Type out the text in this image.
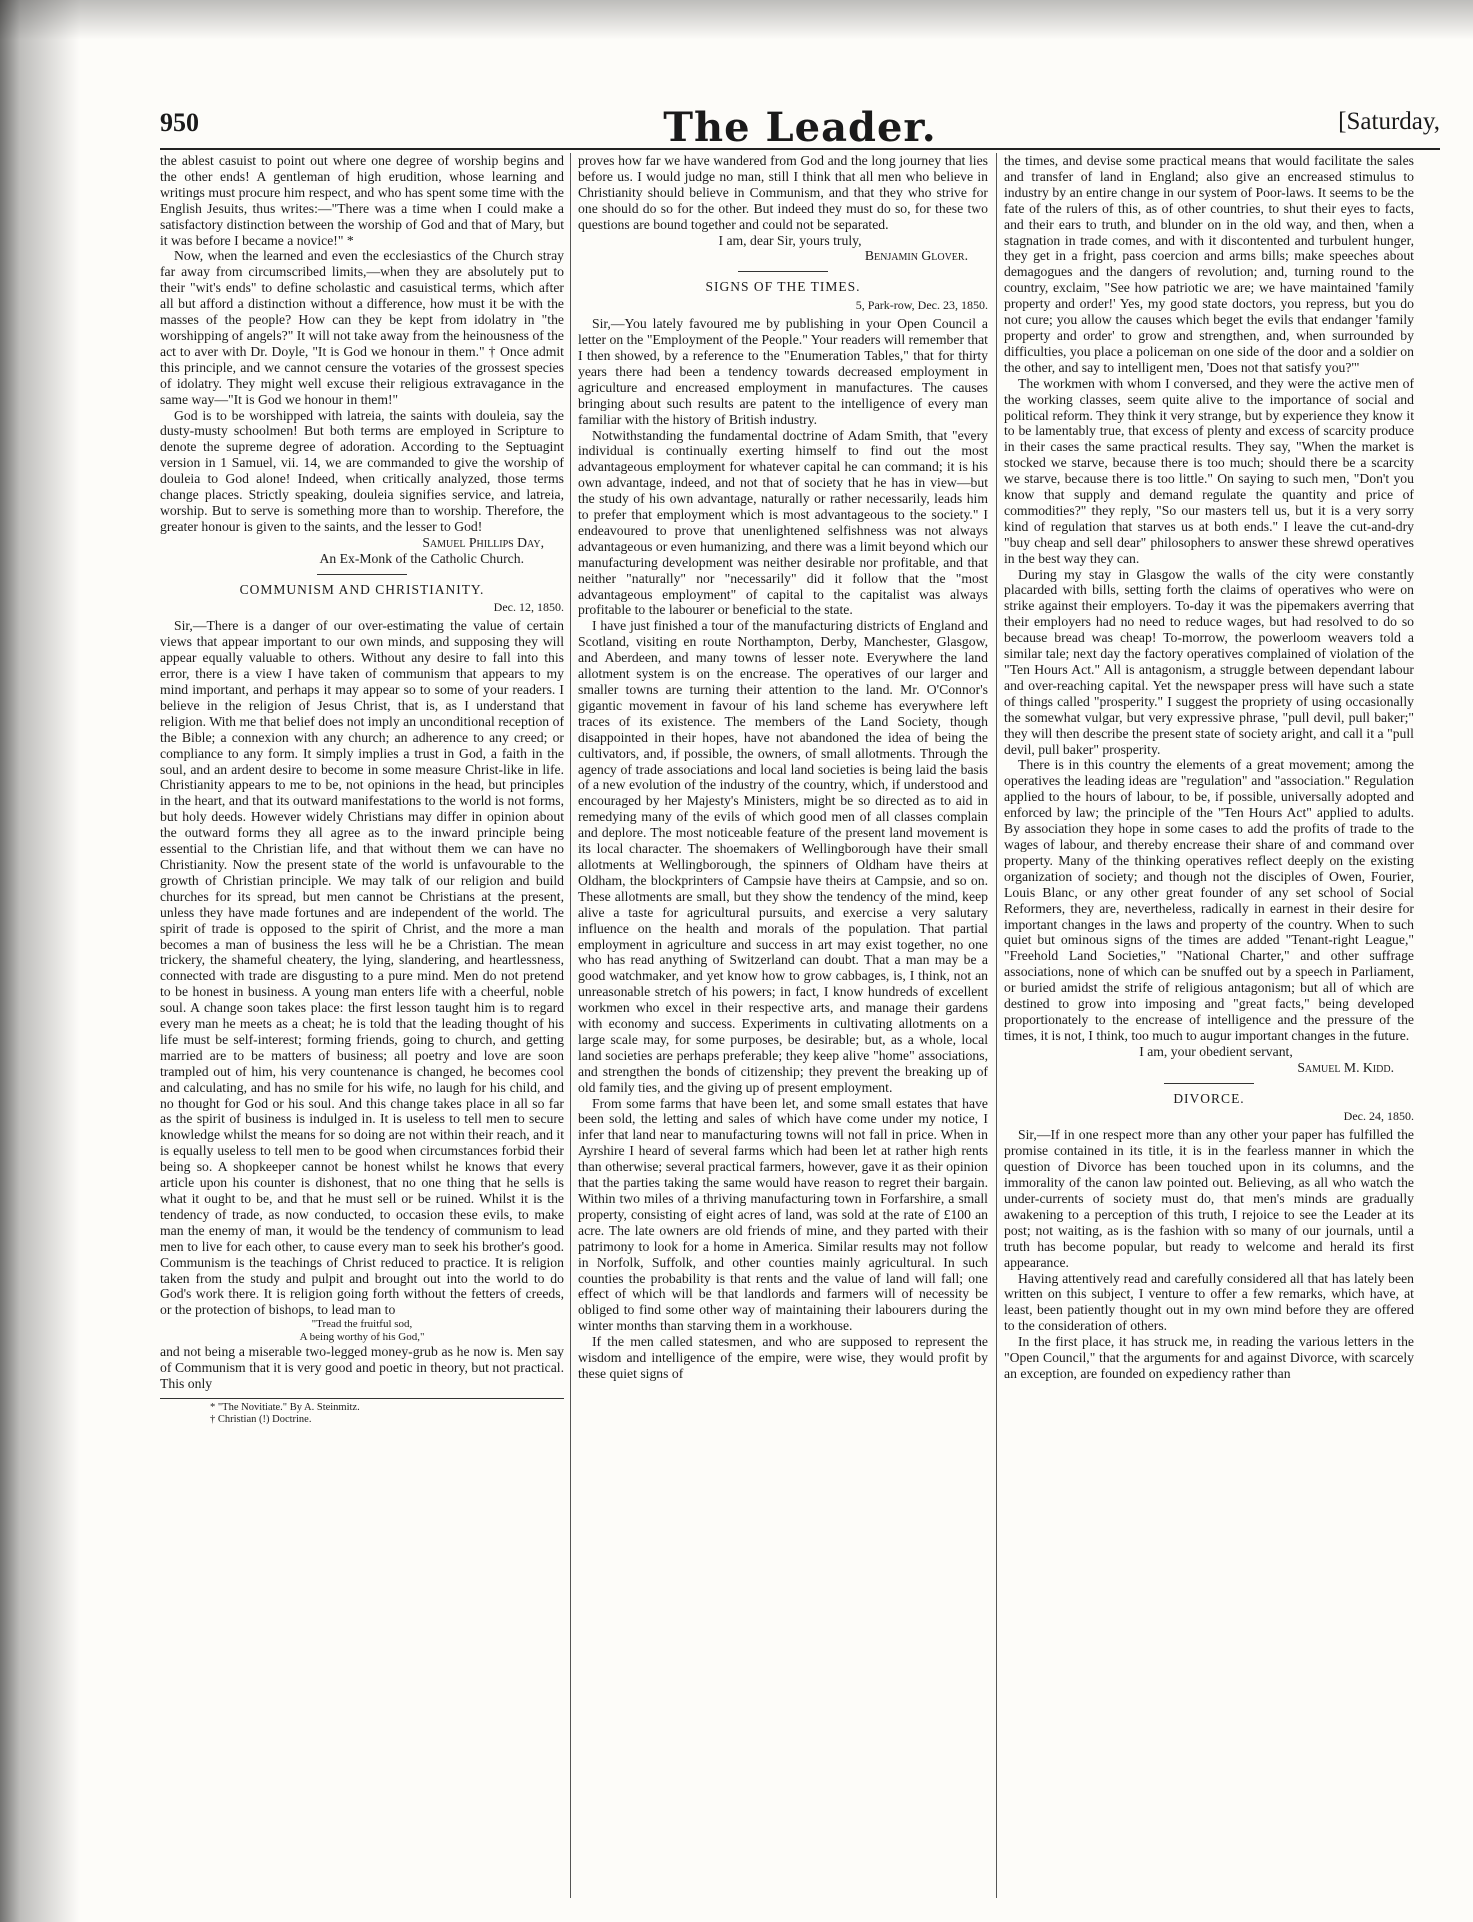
950	The Leader.	[Saturday,

the ablest casuist to point out where one degree of worship begins and the other ends! A gentleman of high erudition, whose learning and writings must procure him respect, and who has spent some time with the English Jesuits, thus writes:—"There was a time when I could make a satisfactory distinction between the worship of God and that of Mary, but it was before I became a novice!" *

Now, when the learned and even the ecclesiastics of the Church stray far away from circumscribed limits,—when they are absolutely put to their "wit's ends" to define scholastic and casuistical terms, which after all but afford a distinction without a difference, how must it be with the masses of the people? How can they be kept from idolatry in "the worshipping of angels?" It will not take away from the heinousness of the act to aver with Dr. Doyle, "It is God we honour in them." † Once admit this principle, and we cannot censure the votaries of the grossest species of idolatry. They might well excuse their religious extravagance in the same way—"It is God we honour in them!"

God is to be worshipped with latreia, the saints with douleia, say the dusty-musty schoolmen! But both terms are employed in Scripture to denote the supreme degree of adoration. According to the Septuagint version in 1 Samuel, vii. 14, we are commanded to give the worship of douleia to God alone! Indeed, when critically analyzed, those terms change places. Strictly speaking, douleia signifies service, and latreia, worship. But to serve is something more than to worship. Therefore, the greater honour is given to the saints, and the lesser to God!

Samuel Phillips Day,

An Ex-Monk of the Catholic Church.

COMMUNISM AND CHRISTIANITY.
Dec. 12, 1850.

Sir,—There is a danger of our over-estimating the value of certain views that appear important to our own minds, and supposing they will appear equally valuable to others. Without any desire to fall into this error, there is a view I have taken of communism that appears to my mind important, and perhaps it may appear so to some of your readers. I believe in the religion of Jesus Christ, that is, as I understand that religion. With me that belief does not imply an unconditional reception of the Bible; a connexion with any church; an adherence to any creed; or compliance to any form. It simply implies a trust in God, a faith in the soul, and an ardent desire to become in some measure Christ-like in life. Christianity appears to me to be, not opinions in the head, but principles in the heart, and that its outward manifestations to the world is not forms, but holy deeds. However widely Christians may differ in opinion about the outward forms they all agree as to the inward principle being essential to the Christian life, and that without them we can have no Christianity. Now the present state of the world is unfavourable to the growth of Christian principle. We may talk of our religion and build churches for its spread, but men cannot be Christians at the present, unless they have made fortunes and are independent of the world. The spirit of trade is opposed to the spirit of Christ, and the more a man becomes a man of business the less will he be a Christian. The mean trickery, the shameful cheatery, the lying, slandering, and heartlessness, connected with trade are disgusting to a pure mind. Men do not pretend to be honest in business. A young man enters life with a cheerful, noble soul. A change soon takes place: the first lesson taught him is to regard every man he meets as a cheat; he is told that the leading thought of his life must be self-interest; forming friends, going to church, and getting married are to be matters of business; all poetry and love are soon trampled out of him, his very countenance is changed, he becomes cool and calculating, and has no smile for his wife, no laugh for his child, and no thought for God or his soul. And this change takes place in all so far as the spirit of business is indulged in. It is useless to tell men to secure knowledge whilst the means for so doing are not within their reach, and it is equally useless to tell men to be good when circumstances forbid their being so. A shopkeeper cannot be honest whilst he knows that every article upon his counter is dishonest, that no one thing that he sells is what it ought to be, and that he must sell or be ruined. Whilst it is the tendency of trade, as now conducted, to occasion these evils, to make man the enemy of man, it would be the tendency of communism to lead men to live for each other, to cause every man to seek his brother's good. Communism is the teachings of Christ reduced to practice. It is religion taken from the study and pulpit and brought out into the world to do God's work there. It is religion going forth without the fetters of creeds, or the protection of bishops, to lead man to

"Tread the fruitful sod,
A being worthy of his God,"

and not being a miserable two-legged money-grub as he now is. Men say of Communism that it is very good and poetic in theory, but not practical. This only

* "The Novitiate." By A. Steinmitz.
† Christian (!) Doctrine.

proves how far we have wandered from God and the long journey that lies before us. I would judge no man, still I think that all men who believe in Christianity should believe in Communism, and that they who strive for one should do so for the other. But indeed they must do so, for these two questions are bound together and could not be separated.

I am, dear Sir, yours truly,

Benjamin Glover.

SIGNS OF THE TIMES.
5, Park-row, Dec. 23, 1850.

Sir,—You lately favoured me by publishing in your Open Council a letter on the "Employment of the People." Your readers will remember that I then showed, by a reference to the "Enumeration Tables," that for thirty years there had been a tendency towards decreased employment in agriculture and encreased employment in manufactures. The causes bringing about such results are patent to the intelligence of every man familiar with the history of British industry.

Notwithstanding the fundamental doctrine of Adam Smith, that "every individual is continually exerting himself to find out the most advantageous employment for whatever capital he can command; it is his own advantage, indeed, and not that of society that he has in view—but the study of his own advantage, naturally or rather necessarily, leads him to prefer that employment which is most advantageous to the society." I endeavoured to prove that unenlightened selfishness was not always advantageous or even humanizing, and there was a limit beyond which our manufacturing development was neither desirable nor profitable, and that neither "naturally" nor "necessarily" did it follow that the "most advantageous employment" of capital to the capitalist was always profitable to the labourer or beneficial to the state.

I have just finished a tour of the manufacturing districts of England and Scotland, visiting en route Northampton, Derby, Manchester, Glasgow, and Aberdeen, and many towns of lesser note. Everywhere the land allotment system is on the encrease. The operatives of our larger and smaller towns are turning their attention to the land. Mr. O'Connor's gigantic movement in favour of his land scheme has everywhere left traces of its existence. The members of the Land Society, though disappointed in their hopes, have not abandoned the idea of being the cultivators, and, if possible, the owners, of small allotments. Through the agency of trade associations and local land societies is being laid the basis of a new evolution of the industry of the country, which, if understood and encouraged by her Majesty's Ministers, might be so directed as to aid in remedying many of the evils of which good men of all classes complain and deplore. The most noticeable feature of the present land movement is its local character. The shoemakers of Wellingborough have their small allotments at Wellingborough, the spinners of Oldham have theirs at Oldham, the blockprinters of Campsie have theirs at Campsie, and so on. These allotments are small, but they show the tendency of the mind, keep alive a taste for agricultural pursuits, and exercise a very salutary influence on the health and morals of the population. That partial employment in agriculture and success in art may exist together, no one who has read anything of Switzerland can doubt. That a man may be a good watchmaker, and yet know how to grow cabbages, is, I think, not an unreasonable stretch of his powers; in fact, I know hundreds of excellent workmen who excel in their respective arts, and manage their gardens with economy and success. Experiments in cultivating allotments on a large scale may, for some purposes, be desirable; but, as a whole, local land societies are perhaps preferable; they keep alive "home" associations, and strengthen the bonds of citizenship; they prevent the breaking up of old family ties, and the giving up of present employment.

From some farms that have been let, and some small estates that have been sold, the letting and sales of which have come under my notice, I infer that land near to manufacturing towns will not fall in price. When in Ayrshire I heard of several farms which had been let at rather high rents than otherwise; several practical farmers, however, gave it as their opinion that the parties taking the same would have reason to regret their bargain. Within two miles of a thriving manufacturing town in Forfarshire, a small property, consisting of eight acres of land, was sold at the rate of £100 an acre. The late owners are old friends of mine, and they parted with their patrimony to look for a home in America. Similar results may not follow in Norfolk, Suffolk, and other counties mainly agricultural. In such counties the probability is that rents and the value of land will fall; one effect of which will be that landlords and farmers will of necessity be obliged to find some other way of maintaining their labourers during the winter months than starving them in a workhouse.

If the men called statesmen, and who are supposed to represent the wisdom and intelligence of the empire, were wise, they would profit by these quiet signs of

the times, and devise some practical means that would facilitate the sales and transfer of land in England; also give an encreased stimulus to industry by an entire change in our system of Poor-laws. It seems to be the fate of the rulers of this, as of other countries, to shut their eyes to facts, and their ears to truth, and blunder on in the old way, and then, when a stagnation in trade comes, and with it discontented and turbulent hunger, they get in a fright, pass coercion and arms bills; make speeches about demagogues and the dangers of revolution; and, turning round to the country, exclaim, "See how patriotic we are; we have maintained 'family property and order!' Yes, my good state doctors, you repress, but you do not cure; you allow the causes which beget the evils that endanger 'family property and order' to grow and strengthen, and, when surrounded by difficulties, you place a policeman on one side of the door and a soldier on the other, and say to intelligent men, 'Does not that satisfy you?'"

The workmen with whom I conversed, and they were the active men of the working classes, seem quite alive to the importance of social and political reform. They think it very strange, but by experience they know it to be lamentably true, that excess of plenty and excess of scarcity produce in their cases the same practical results. They say, "When the market is stocked we starve, because there is too much; should there be a scarcity we starve, because there is too little." On saying to such men, "Don't you know that supply and demand regulate the quantity and price of commodities?" they reply, "So our masters tell us, but it is a very sorry kind of regulation that starves us at both ends." I leave the cut-and-dry "buy cheap and sell dear" philosophers to answer these shrewd operatives in the best way they can.

During my stay in Glasgow the walls of the city were constantly placarded with bills, setting forth the claims of operatives who were on strike against their employers. To-day it was the pipemakers averring that their employers had no need to reduce wages, but had resolved to do so because bread was cheap! To-morrow, the powerloom weavers told a similar tale; next day the factory operatives complained of violation of the "Ten Hours Act." All is antagonism, a struggle between dependant labour and over-reaching capital. Yet the newspaper press will have such a state of things called "prosperity." I suggest the propriety of using occasionally the somewhat vulgar, but very expressive phrase, "pull devil, pull baker;" they will then describe the present state of society aright, and call it a "pull devil, pull baker" prosperity.

There is in this country the elements of a great movement; among the operatives the leading ideas are "regulation" and "association." Regulation applied to the hours of labour, to be, if possible, universally adopted and enforced by law; the principle of the "Ten Hours Act" applied to adults. By association they hope in some cases to add the profits of trade to the wages of labour, and thereby encrease their share of and command over property. Many of the thinking operatives reflect deeply on the existing organization of society; and though not the disciples of Owen, Fourier, Louis Blanc, or any other great founder of any set school of Social Reformers, they are, nevertheless, radically in earnest in their desire for important changes in the laws and property of the country. When to such quiet but ominous signs of the times are added "Tenant-right League," "Freehold Land Societies," "National Charter," and other suffrage associations, none of which can be snuffed out by a speech in Parliament, or buried amidst the strife of religious antagonism; but all of which are destined to grow into imposing and "great facts," being developed proportionately to the encrease of intelligence and the pressure of the times, it is not, I think, too much to augur important changes in the future.

I am, your obedient servant,

Samuel M. Kidd.

DIVORCE.
Dec. 24, 1850.

Sir,—If in one respect more than any other your paper has fulfilled the promise contained in its title, it is in the fearless manner in which the question of Divorce has been touched upon in its columns, and the immorality of the canon law pointed out. Believing, as all who watch the under-currents of society must do, that men's minds are gradually awakening to a perception of this truth, I rejoice to see the Leader at its post; not waiting, as is the fashion with so many of our journals, until a truth has become popular, but ready to welcome and herald its first appearance.

Having attentively read and carefully considered all that has lately been written on this subject, I venture to offer a few remarks, which have, at least, been patiently thought out in my own mind before they are offered to the consideration of others.

In the first place, it has struck me, in reading the various letters in the "Open Council," that the arguments for and against Divorce, with scarcely an exception, are founded on expediency rather than
